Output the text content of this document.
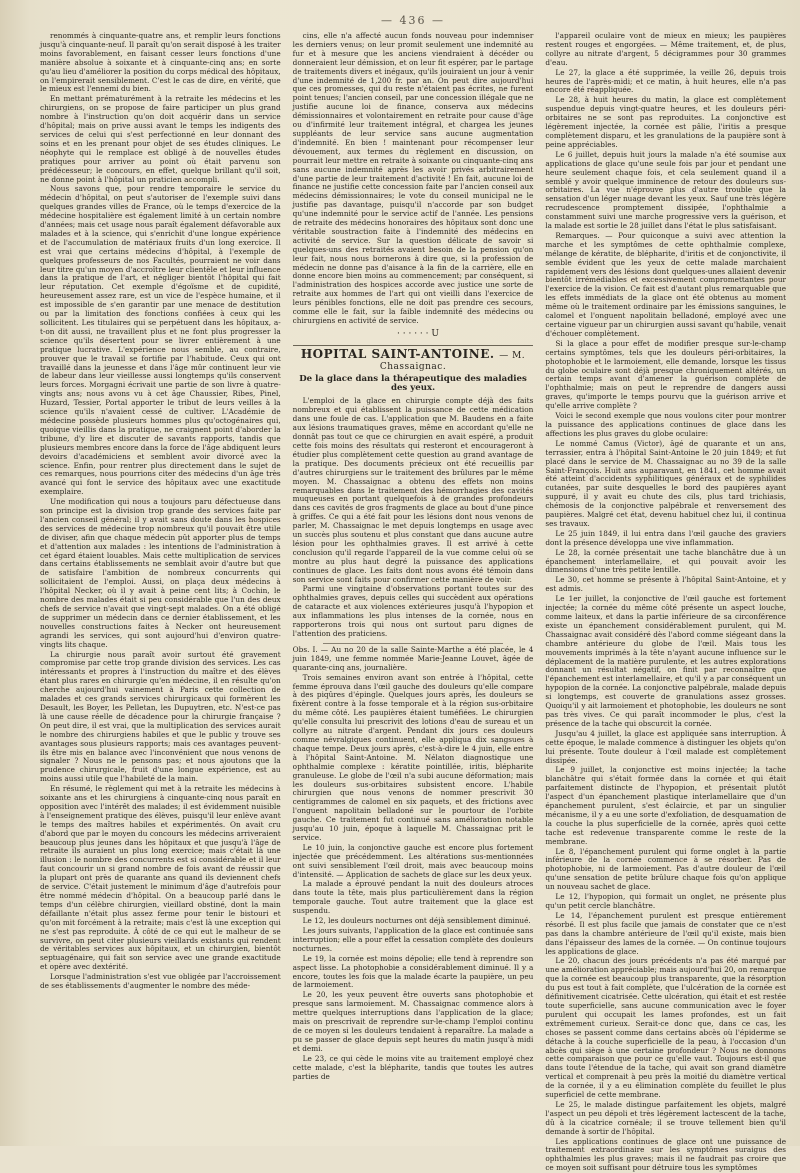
— 436 —

renommés à cinquante-quatre ans, et remplir leurs fonctions jusqu'à cinquante-neuf. Il paraît qu'on serait disposé à les traiter moins favorablement, en faisant cesser leurs fonctions d'une manière absolue à soixante et à cinquante-cinq ans; en sorte qu'au lieu d'améliorer la position du corps médical des hôpitaux, on l'empirerait sensiblement. C'est le cas de dire, en vérité, que le mieux est l'ennemi du bien.

En mettant prématurément à la retraite les médecins et les chirurgiens, on se propose de faire participer un plus grand nombre à l'instruction qu'on doit acquérir dans un service d'hôpital; mais on prive aussi avant le temps les indigents des services de celui qui s'est perfectionné en leur donnant des soins et en les prenant pour objet de ses études cliniques. Le néophyte qui le remplace est obligé à de nouvelles études pratiques pour arriver au point où était parvenu son prédécesseur; le concours, en effet, quelque brillant qu'il soit, ne donne point à l'hôpital un praticien accompli.

Nous savons que, pour rendre temporaire le service du médecin d'hôpital, on peut s'autoriser de l'exemple suivi dans quelques grandes villes de France, où le temps d'exercice de la médecine hospitalière est également limité à un certain nombre d'années; mais cet usage nous paraît également défavorable aux malades et à la science, qui s'enrichit d'une longue expérience et de l'accumulation de matériaux fruits d'un long exercice. Il est vrai que certains médecins d'hôpital, à l'exemple de quelques professeurs de nos Facultés, pourraient ne voir dans leur titre qu'un moyen d'accroître leur clientèle et leur influence dans la pratique de l'art, et négliger bientôt l'hôpital qui fait leur réputation. Cet exemple d'égoïsme et de cupidité, heureusement assez rare, est un vice de l'espèce humaine, et il est impossible de s'en garantir par une menace de destitution ou par la limitation des fonctions confiées à ceux qui les sollicitent. Les titulaires qui se perpétuent dans les hôpitaux, a-t-on dit aussi, ne travaillent plus et ne font plus progresser la science qu'ils désertent pour se livrer entièrement à une pratique lucrative. L'expérience nous semble, au contraire, prouver que le travail se fortifie par l'habitude. Ceux qui ont travaillé dans la jeunesse et dans l'âge mûr continuent leur vie de labeur dans leur vieillesse aussi longtemps qu'ils conservent leurs forces. Morgagni écrivait une partie de son livre à quatre-vingts ans; nous avons vu à cet âge Chaussier, Ribes, Pinel, Huzard, Tessier, Portal apporter le tribut de leurs veilles à la science qu'ils n'avaient cessé de cultiver. L'Académie de médecine possède plusieurs hommes plus qu'octogénaires qui, quoique vieillis dans la pratique, ne craignent point d'aborder la tribune, d'y lire et discuter de savants rapports, tandis que plusieurs membres encore dans la force de l'âge abdiquent leurs devoirs d'académiciens et semblent avoir divorcé avec la science. Enfin, pour rentrer plus directement dans le sujet de ces remarques, nous pourrions citer des médecins d'un âge très avancé qui font le service des hôpitaux avec une exactitude exemplaire.

Une modification qui nous a toujours paru défectueuse dans son principe est la division trop grande des services faite par l'ancien conseil général; il y avait sans doute dans les hospices des services de médecine trop nombreux qu'il pouvait être utile de diviser, afin que chaque médecin pût apporter plus de temps et d'attention aux malades : les intentions de l'administration à cet égard étaient louables. Mais cette multiplication de services dans certains établissements ne semblait avoir d'autre but que de satisfaire l'ambition de nombreux concurrents qui sollicitaient de l'emploi. Aussi, on plaça deux médecins à l'hôpital Necker, où il y avait à peine cent lits; à Cochin, le nombre des malades était si peu considérable que l'un des deux chefs de service n'avait que vingt-sept malades. On a été obligé de supprimer un médecin dans ce dernier établissement, et les nouvelles constructions faites à Necker ont heureusement agrandi les services, qui sont aujourd'hui d'environ quatre-vingts lits chaque.

La chirurgie nous paraît avoir surtout été gravement compromise par cette trop grande division des services. Les cas intéressants et propres à l'instruction du maître et des élèves étant plus rares en chirurgie qu'en médecine, il en résulte qu'on cherche aujourd'hui vainement à Paris cette collection de malades et ces grands services chirurgicaux qui formèrent les Desault, les Boyer, les Pelletan, les Dupuytren, etc. N'est-ce pas là une cause réelle de décadence pour la chirurgie française ? On peut dire, il est vrai, que la multiplication des services aurait le nombre des chirurgiens habiles et que le public y trouve ses avantages sous plusieurs rapports; mais ces avantages peuvent-ils être mis en balance avec l'inconvénient que nous venons de signaler ? Nous ne le pensons pas; et nous ajoutons que la prudence chirurgicale, fruit d'une longue expérience, est au moins aussi utile que l'habileté de la main.

En résumé, le règlement qui met à la retraite les médecins à soixante ans et les chirurgiens à cinquante-cinq nous paraît en opposition avec l'intérêt des malades; il est évidemment nuisible à l'enseignement pratique des élèves, puisqu'il leur enlève avant le temps des maîtres habiles et expérimentés. On avait cru d'abord que par le moyen du concours les médecins arriveraient beaucoup plus jeunes dans les hôpitaux et que jusqu'à l'âge de retraite ils auraient un plus long exercice; mais c'était là une illusion : le nombre des concurrents est si considérable et il leur faut concourir un si grand nombre de fois avant de réussir que la plupart ont près de quarante ans quand ils deviennent chefs de service. C'était justement le minimum d'âge d'autrefois pour être nommé médecin d'hôpital. On a beaucoup parlé dans le temps d'un célèbre chirurgien, vieillard obstiné, dont la main défaillante n'était plus assez ferme pour tenir le bistouri et qu'on mit forcément à la retraite; mais c'est là une exception qui ne s'est pas reproduite. À côté de ce qui eut le malheur de se survivre, on peut citer plusieurs vieillards existants qui rendent de véritables services aux hôpitaux, et un chirurgien, bientôt septuagénaire, qui fait son service avec une grande exactitude et opère avec dextérité.

Lorsque l'administration s'est vue obligée par l'accroissement de ses établissements d'augmenter le nombre des méde-

cins, elle n'a affecté aucun fonds nouveau pour indemniser les derniers venus; on leur promit seulement une indemnité au fur et à mesure que les anciens viendraient à décéder ou donneraient leur démission, et on leur fit espérer, par le partage de traitements divers et inégaux, qu'ils jouiraient un jour à venir d'une indemnité de 1,200 fr. par an. On peut dire aujourd'hui que ces promesses, qui du reste n'étaient pas écrites, ne furent point tenues; l'ancien conseil, par une concession illégale que ne justifie aucune loi de finance, conserva aux médecins démissionnaires et volontairement en retraite pour cause d'âge ou d'infirmité leur traitement intégral, et chargea les jeunes suppléants de leur service sans aucune augmentation d'indemnité. En bien ! maintenant pour récompenser leur dévouement, aux termes du règlement en discussion, on pourrait leur mettre en retraite à soixante ou cinquante-cinq ans sans aucune indemnité après les avoir privés arbitrairement d'une partie de leur traitement d'activité ! En fait, aucune loi de finance ne justifie cette concession faite par l'ancien conseil aux médecins démissionnaires; le vote du conseil municipal ne le justifie pas davantage, puisqu'il n'accorde par son budget qu'une indemnité pour le service actif de l'année. Les pensions de retraite des médecins honoraires des hôpitaux sont donc une véritable soustraction faite à l'indemnité des médecins en activité de service. Sur la question délicate de savoir si quelques-uns des retraités avaient besoin de la pension qu'on leur fait, nous nous bornerons à dire que, si la profession de médecin ne donne pas d'aisance à la fin de la carrière, elle en donne encore bien moins au commencement; par conséquent, si l'administration des hospices accorde avec justice une sorte de retraite aux hommes de l'art qui ont vieilli dans l'exercice de leurs pénibles fonctions, elle ne doit pas prendre ces secours, comme elle le fait, sur la faible indemnité des médecins ou chirurgiens en activité de service.

· · · · · · U

HOPITAL SAINT-ANTOINE. — M. Chassaignac.
De la glace dans la thérapeutique des maladies des yeux.

L'emploi de la glace en chirurgie compte déjà des faits nombreux et qui établissent la puissance de cette médication dans une foule de cas. L'application que M. Baudens en a faite aux lésions traumatiques graves, même en accordant qu'elle ne donnât pas tout ce que ce chirurgien en avait espéré, a produit cette fois moins des résultats qui resteront et encourageront à étudier plus complètement cette question au grand avantage de la pratique. Des documents précieux ont été recueillis par d'autres chirurgiens sur le traitement des brûlures par le même moyen. M. Chassaignac a obtenu des effets non moins remarquables dans le traitement des hémorrhagies des cavités muqueuses en portant quelquefois à de grandes profondeurs dans ces cavités de gros fragments de glace au bout d'une pince à griffes. Ce qui a été fait pour les lésions dont nous venons de parler, M. Chassaignac le met depuis longtemps en usage avec un succès plus soutenu et plus constant que dans aucune autre lésion pour les ophthalmies graves. Il est arrivé à cette conclusion qu'il regarde l'appareil de la vue comme celui où se montre au plus haut degré la puissance des applications continues de glace. Les faits dont nous avons été témoin dans son service sont faits pour confirmer cette manière de voir.

Parmi une vingtaine d'observations portant toutes sur des ophthalmies graves, depuis celles qui succèdent aux opérations de cataracte et aux violences extérieures jusqu'à l'hypopion et aux inflammations les plus intenses de la cornée, nous en rapporterons trois qui nous ont surtout paru dignes de l'attention des praticiens.

Obs. I. — Au no 20 de la salle Sainte-Marthe a été placée, le 4 juin 1849, une femme nommée Marie-Jeanne Louvet, âgée de quarante-cinq ans, journalière.

Trois semaines environ avant son entrée à l'hôpital, cette femme éprouva dans l'œil gauche des douleurs qu'elle compare à des piqûres d'épingle. Quelques jours après, les douleurs se fixèrent contre à la fosse temporale et à la région sus-orbitaire du même côté. Les paupières étaient tuméfiées. Le chirurgien qu'elle consulta lui prescrivit des lotions d'eau de sureau et un collyre au nitrate d'argent. Pendant dix jours ces douleurs comme névralgiques continuent, elle appliqua dix sangsues à chaque tempe. Deux jours après, c'est-à-dire le 4 juin, elle entre à l'hôpital Saint-Antoine. M. Nélaton diagnostique une ophthalmie complexe : kératite pointillée, iritis, blépharite granuleuse. Le globe de l'œil n'a subi aucune déformation; mais les douleurs sus-orbitaires subsistent encore. L'habile chirurgien que nous venons de nommer prescrivit 30 centigrammes de calomel en six paquets, et des frictions avec l'onguent napolitain belladoné sur le pourtour de l'orbite gauche. Ce traitement fut continué sans amélioration notable jusqu'au 10 juin, époque à laquelle M. Chassaignac prit le service.

Le 10 juin, la conjonctive gauche est encore plus fortement injectée que précédemment. Les altérations sus-mentionnées ont suivi sensiblement l'œil droit, mais avec beaucoup moins d'intensité. — Application de sachets de glace sur les deux yeux.

La malade a éprouvé pendant la nuit des douleurs atroces dans toute la tête, mais plus particulièrement dans la région temporale gauche. Tout autre traitement que la glace est suspendu.

Le 12, les douleurs nocturnes ont déjà sensiblement diminué.

Les jours suivants, l'application de la glace est continuée sans interruption; elle a pour effet la cessation complète des douleurs nocturnes.

Le 19, la cornée est moins dépolie; elle tend à reprendre son aspect lisse. La photophobie a considérablement diminué. Il y a encore, toutes les fois que la malade écarte la paupière, un peu de larmoiement.

Le 20, les yeux peuvent être ouverts sans photophobie et presque sans larmoiement. M. Chassaignac commence alors à mettre quelques interruptions dans l'application de la glace; mais on prescrivait de reprendre sur-le-champ l'emploi continu de ce moyen si les douleurs tendaient à reparaître. La malade a pu se passer de glace depuis sept heures du matin jusqu'à midi et demi.

Le 23, ce qui cède le moins vite au traitement employé chez cette malade, c'est la blépharite, tandis que toutes les autres parties de

l'appareil oculaire vont de mieux en mieux; les paupières restent rouges et engorgées. — Même traitement, et, de plus, collyre au nitrate d'argent, 5 décigrammes pour 30 grammes d'eau.

Le 27, la glace a été supprimée, la veille 26, depuis trois heures de l'après-midi; et ce matin, à huit heures, elle n'a pas encore été réappliquée.

Le 28, à huit heures du matin, la glace est complètement suspendue depuis vingt-quatre heures, et les douleurs péri-orbitaires ne se sont pas reproduites. La conjonctive est légèrement injectée, la cornée est pâlie, l'iritis a presque complètement disparu, et les granulations de la paupière sont à peine appréciables.

Le 6 juillet, depuis huit jours la malade n'a été soumise aux applications de glace qu'une seule fois par jour et pendant une heure seulement chaque fois, et cela seulement quand il a semblé y avoir quelque imminence de retour des douleurs sus-orbitaires. La vue n'éprouve plus d'autre trouble que la sensation d'un léger nuage devant les yeux. Sauf une très légère recrudescence promptement dissipée, l'ophthalmie a constamment suivi une marche progressive vers la guérison, et la malade est sortie le 28 juillet dans l'état le plus satisfaisant.

Remarques. — Pour quiconque a suivi avec attention la marche et les symptômes de cette ophthalmie complexe, mélange de kératite, de blépharite, d'iritis et de conjonctivite, il semble évident que les yeux de cette malade marchaient rapidement vers des lésions dont quelques-unes allaient devenir bientôt irrémédiables et excessivement compromettantes pour l'exercice de la vision. Ce fait est d'autant plus remarquable que les effets immédiats de la glace ont été obtenus au moment même où le traitement ordinaire par les émissions sanguines, le calomel et l'onguent napolitain belladoné, employé avec une certaine vigueur par un chirurgien aussi savant qu'habile, venait d'échouer complètement.

Si la glace a pour effet de modifier presque sur-le-champ certains symptômes, tels que les douleurs péri-orbitaires, la photophobie et le larmoiement, elle demande, lorsque les tissus du globe oculaire sont déjà presque chroniquement altérés, un certain temps avant d'amener la guérison complète de l'ophthalmie; mais on peut le reprendre de dangers aussi graves, qu'importe le temps pourvu que la guérison arrive et qu'elle arrive complète ?

Voici le second exemple que nous voulons citer pour montrer la puissance des applications continues de glace dans les affections les plus graves du globe oculaire:

Le nommé Camus (Victor), âgé de quarante et un ans, terrassier, entra à l'hôpital Saint-Antoine le 20 juin 1849; et fut placé dans le service de M. Chassaignac au no 39 de la salle Saint-François. Huit ans auparavant, en 1841, cet homme avait été atteint d'accidents syphilitiques généraux et de syphilides cutanées, par suite desquelles le bord des paupières ayant suppuré, il y avait eu chute des cils, plus tard trichiasis, chémosis de la conjonctive palpébrale et renversement des paupières. Malgré cet état, devenu habituel chez lui, il continua ses travaux.

Le 25 juin 1849, il lui entra dans l'œil gauche des graviers dont la présence développa une vive inflammation.

Le 28, la cornée présentait une tache blanchâtre due à un épanchement interlamellaire, et qui pouvait avoir les dimensions d'une très petite lentille.

Le 30, cet homme se présente à l'hôpital Saint-Antoine, et y est admis.

Le 1er juillet, la conjonctive de l'œil gauche est fortement injectée; la cornée du même côté présente un aspect louche, comme laiteux, et dans la partie inférieure de sa circonférence existe un épanchement considérablement purulent, qui M. Chassaignac avait considéré dès l'abord comme siégeant dans la chambre antérieure du globe de l'œil. Mais tous les mouvements imprimés à la tête n'ayant aucune influence sur le déplacement de la matière purulente, et les autres explorations donnant un résultat négatif, on finit par reconnaître que l'épanchement est interlamellaire, et qu'il y a par conséquent un hypopion de la cornée. La conjonctive palpébrale, malade depuis si longtemps, est couverte de granulations assez grosses. Quoiqu'il y ait larmoiement et photophobie, les douleurs ne sont pas très vives. Ce qui paraît incommoder le plus, c'est la présence de la tache qui obscurcit la cornée.

Jusqu'au 4 juillet, la glace est appliquée sans interruption. À cette époque, le malade commence à distinguer les objets qu'on lui présente. Toute douleur à l'œil malade est complètement dissipée.

Le 9 juillet, la conjonctive est moins injectée; la tache blanchâtre qui s'était formée dans la cornée et qui était parfaitement distincte de l'hypopion, et présentait plutôt l'aspect d'un épanchement plastique interlamellaire que d'un épanchement purulent, s'est éclaircie, et par un singulier mécanisme, il y a eu une sorte d'exfoliation, de desquamation de la couche la plus superficielle de la cornée, après quoi cette tache est redevenue transparente comme le reste de la membrane.

Le 8, l'épanchement purulent qui forme onglet à la partie inférieure de la cornée commence à se résorber. Pas de photophobie, ni de larmoiement. Pas d'autre douleur de l'œil qu'une sensation de petite brûlure chaque fois qu'on applique un nouveau sachet de glace.

Le 12, l'hypopion, qui formait un onglet, ne présente plus qu'un petit cercle blanchâtre.

Le 14, l'épanchement purulent est presque entièrement résorbé. Il est plus facile que jamais de constater que ce n'est pas dans la chambre antérieure de l'œil qu'il existe, mais bien dans l'épaisseur des lames de la cornée. — On continue toujours les applications de glace.

Le 20, chacun des jours précédents n'a pas été marqué par une amélioration appréciable; mais aujourd'hui 20, on remarque que la cornée est beaucoup plus transparente, que la résorption du pus est tout à fait complète, que l'ulcération de la cornée est définitivement cicatrisée. Cette ulcération, qui était et est restée toute superficielle, sans aucune communication avec le foyer purulent qui occupait les lames profondes, est un fait extrêmement curieux. Serait-ce donc que, dans ce cas, les choses se passent comme dans certains abcès où l'épiderme se détache à la couche superficielle de la peau, à l'occasion d'un abcès qui siège à une certaine profondeur ? Nous ne donnons cette comparaison que pour ce qu'elle vaut. Toujours est-il que dans toute l'étendue de la tache, qui avait son grand diamètre vertical et comprenait à peu près la moitié du diamètre vertical de la cornée, il y a eu élimination complète du feuillet le plus superficiel de cette membrane.

Le 25, le malade distingue parfaitement les objets, malgré l'aspect un peu dépoli et très légèrement lactescent de la tache, dû à la cicatrice cornéale; il se trouve tellement bien qu'il demande à sortir de l'hôpital.

Les applications continues de glace ont une puissance de traitement extraordinaire sur les symptômes suraigus des ophthalmies les plus graves; mais il ne faudrait pas croire que ce moyen soit suffisant pour détruire tous les symptômes
